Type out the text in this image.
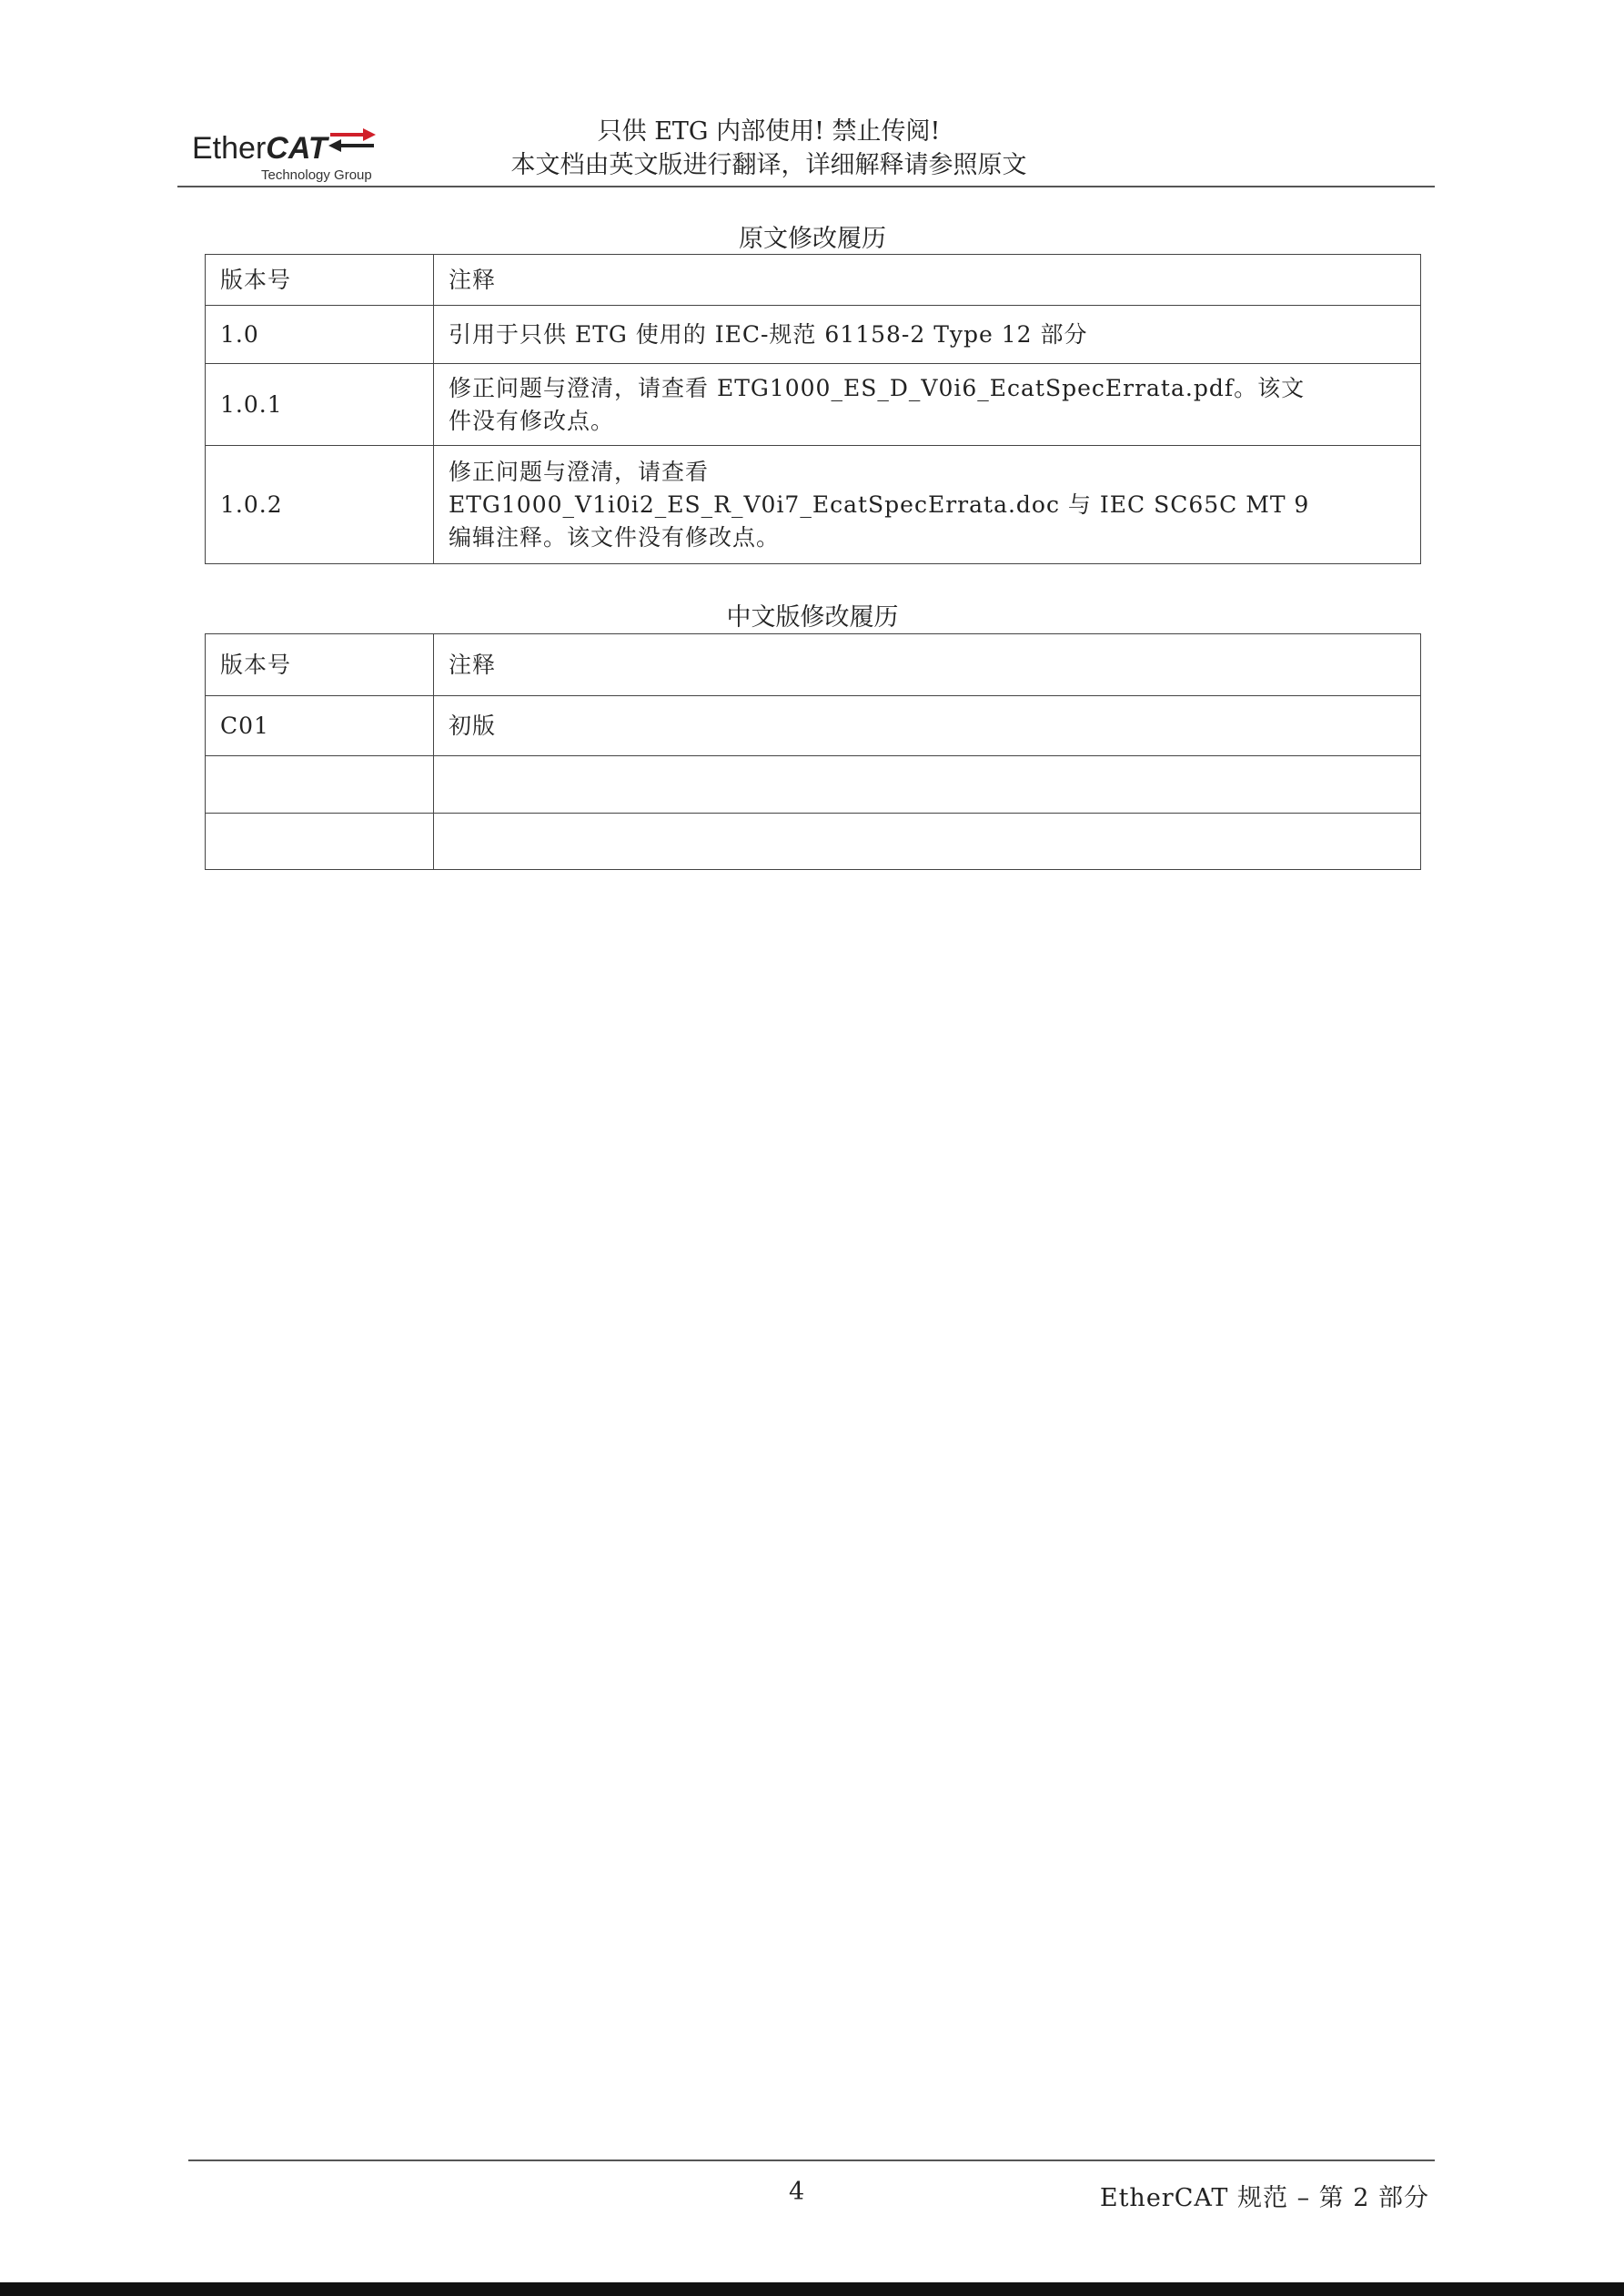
EtherCAT
Technology Group
只供 ETG 内部使用! 禁止传阅!
本文档由英文版进行翻译，详细解释请参照原文
原文修改履历
版本号	注释
1.0	引用于只供 ETG 使用的 IEC-规范 61158-2 Type 12 部分

1.0.1	修正问题与澄清，请查看 ETG1000_ES_D_V0i6_EcatSpecErrata.pdf。该文
件没有修改点。

1.0.2	修正问题与澄清，请查看
ETG1000_V1i0i2_ES_R_V0i7_EcatSpecErrata.doc 与 IEC SC65C MT 9
编辑注释。该文件没有修改点。
中文版修改履历
版本号	注释
C01	初版

4	EtherCAT 规范 – 第 2 部分
